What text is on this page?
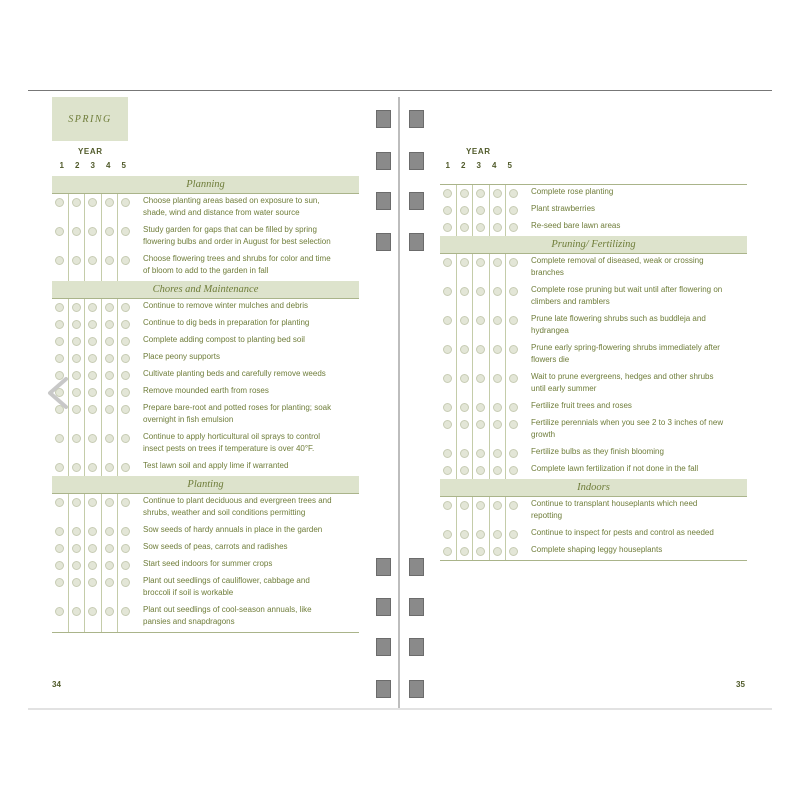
SPRING
YEAR
1 2 3 4 5
Planning
Choose planting areas based on exposure to sun,
shade, wind and distance from water source
Study garden for gaps that can be filled by spring
flowering bulbs and order in August for best selection
Choose flowering trees and shrubs for color and time
of bloom to add to the garden in fall
Chores and Maintenance
Continue to remove winter mulches and debris
Continue to dig beds in preparation for planting
Complete adding compost to planting bed soil
Place peony supports
Cultivate planting beds and carefully remove weeds
Remove mounded earth from roses
Prepare bare-root and potted roses for planting; soak
overnight in fish emulsion
Continue to apply horticultural oil sprays to control
insect pests on trees if temperature is over 40°F.
Test lawn soil and apply lime if warranted
Planting
Continue to plant deciduous and evergreen trees and
shrubs, weather and soil conditions permitting
Sow seeds of hardy annuals in place in the garden
Sow seeds of peas, carrots and radishes
Start seed indoors for summer crops
Plant out seedlings of cauliflower, cabbage and
broccoli if soil is workable
Plant out seedlings of cool-season annuals, like
pansies and snapdragons
34
YEAR
1 2 3 4 5
Complete rose planting
Plant strawberries
Re-seed bare lawn areas
Pruning/ Fertilizing
Complete removal of diseased, weak or crossing
branches
Complete rose pruning but wait until after flowering on
climbers and ramblers
Prune late flowering shrubs such as buddleja and
hydrangea
Prune early spring-flowering shrubs immediately after
flowers die
Wait to prune evergreens, hedges and other shrubs
until early summer
Fertilize fruit trees and roses
Fertilize perennials when you see 2 to 3 inches of new
growth
Fertilize bulbs as they finish blooming
Complete lawn fertilization if not done in the fall
Indoors
Continue to transplant houseplants which need
repotting
Continue to inspect for pests and control as needed
Complete shaping leggy houseplants
35
